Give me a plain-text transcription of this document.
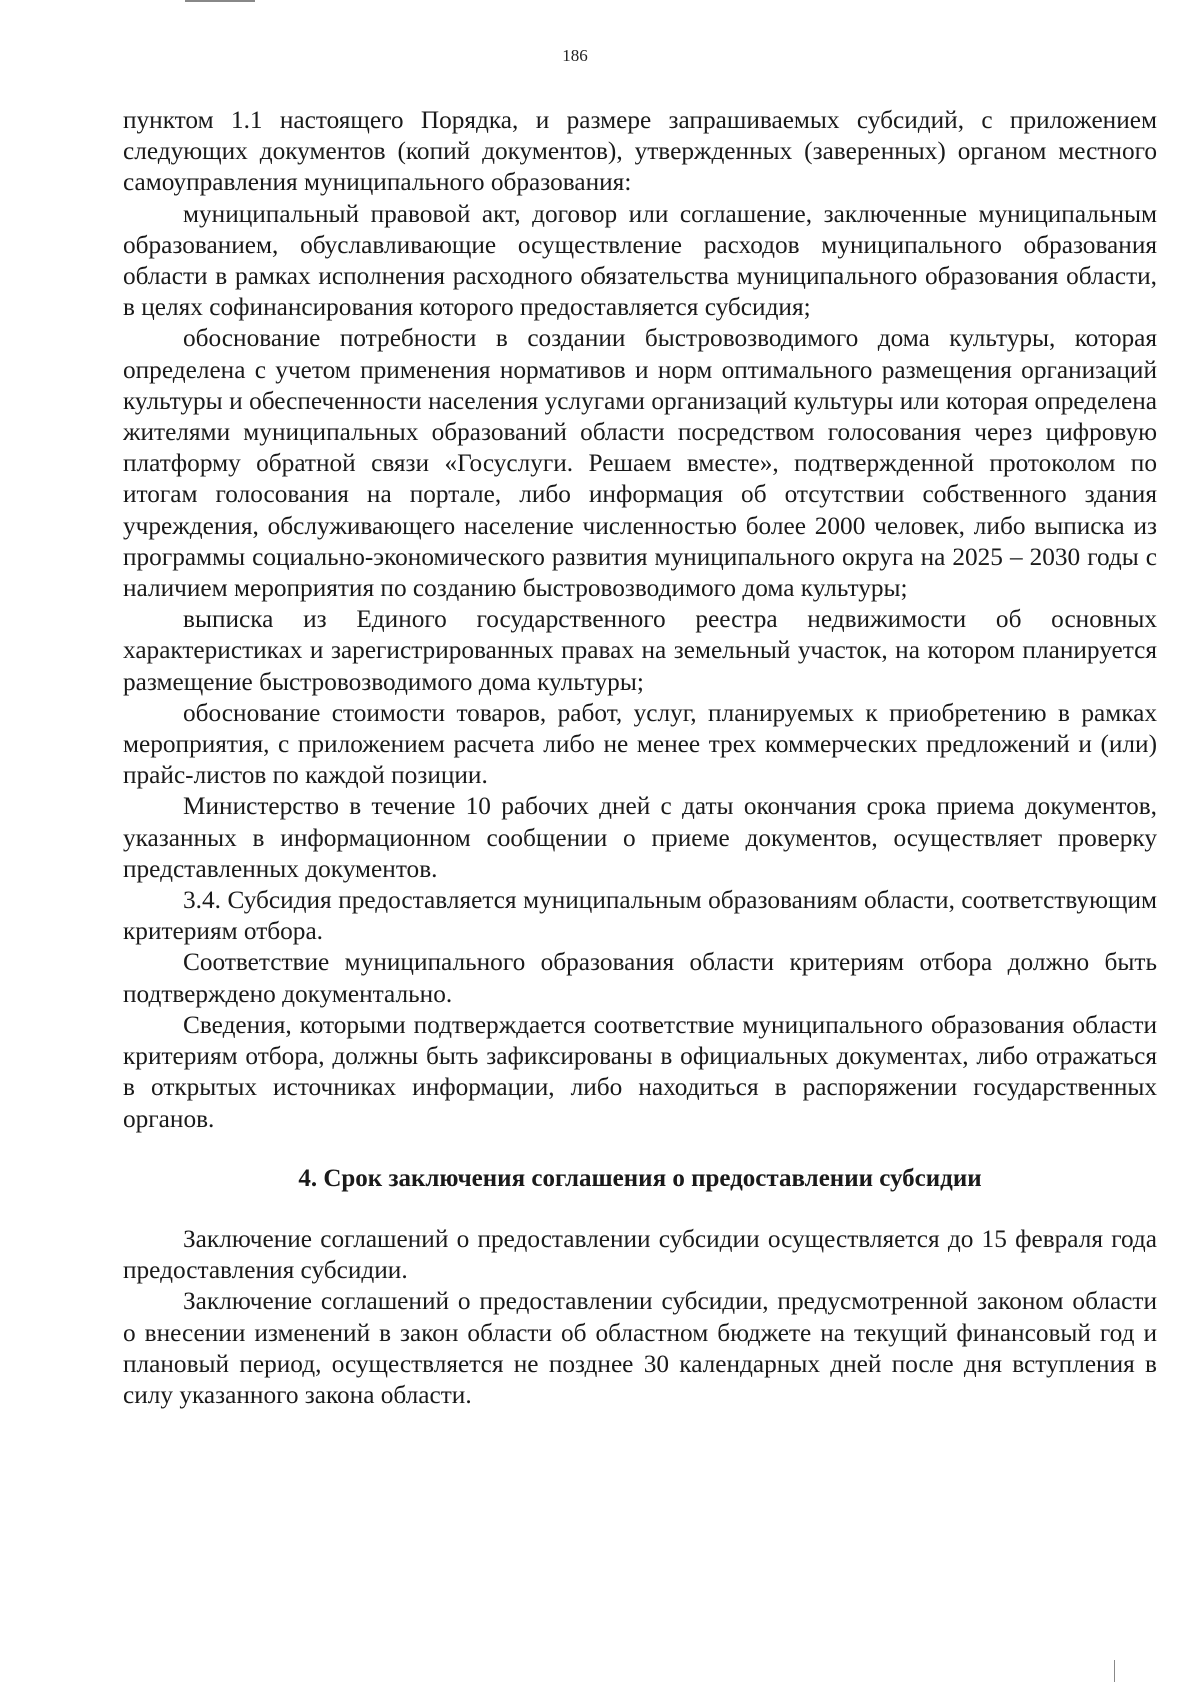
186

пунктом 1.1 настоящего Порядка, и размере запрашиваемых субсидий, с приложением следующих документов (копий документов), утвержденных (заверенных) органом местного самоуправления муниципального образования:

муниципальный правовой акт, договор или соглашение, заключенные муниципальным образованием, обуславливающие осуществление расходов муниципального образования области в рамках исполнения расходного обязательства муниципального образования области, в целях софинансирования которого предоставляется субсидия;

обоснование потребности в создании быстровозводимого дома культуры, которая определена с учетом применения нормативов и норм оптимального размещения организаций культуры и обеспеченности населения услугами организаций культуры или которая определена жителями муниципальных образований области посредством голосования через цифровую платформу обратной связи «Госуслуги. Решаем вместе», подтвержденной протоколом по итогам голосования на портале, либо информация об отсутствии собственного здания учреждения, обслуживающего население численностью более 2000 человек, либо выписка из программы социально-экономического развития муниципального округа на 2025 – 2030 годы с наличием мероприятия по созданию быстровозводимого дома культуры;

выписка из Единого государственного реестра недвижимости об основных характеристиках и зарегистрированных правах на земельный участок, на котором планируется размещение быстровозводимого дома культуры;

обоснование стоимости товаров, работ, услуг, планируемых к приобретению в рамках мероприятия, с приложением расчета либо не менее трех коммерческих предложений и (или) прайс-листов по каждой позиции.

Министерство в течение 10 рабочих дней с даты окончания срока приема документов, указанных в информационном сообщении о приеме документов, осуществляет проверку представленных документов.

3.4. Субсидия предоставляется муниципальным образованиям области, соответствующим критериям отбора.

Соответствие муниципального образования области критериям отбора должно быть подтверждено документально.

Сведения, которыми подтверждается соответствие муниципального образования области критериям отбора, должны быть зафиксированы в официальных документах, либо отражаться в открытых источниках информации, либо находиться в распоряжении государственных органов.

4. Срок заключения соглашения о предоставлении субсидии

Заключение соглашений о предоставлении субсидии осуществляется до 15 февраля года предоставления субсидии.

Заключение соглашений о предоставлении субсидии, предусмотренной законом области о внесении изменений в закон области об областном бюджете на текущий финансовый год и плановый период, осуществляется не позднее 30 календарных дней после дня вступления в силу указанного закона области.
